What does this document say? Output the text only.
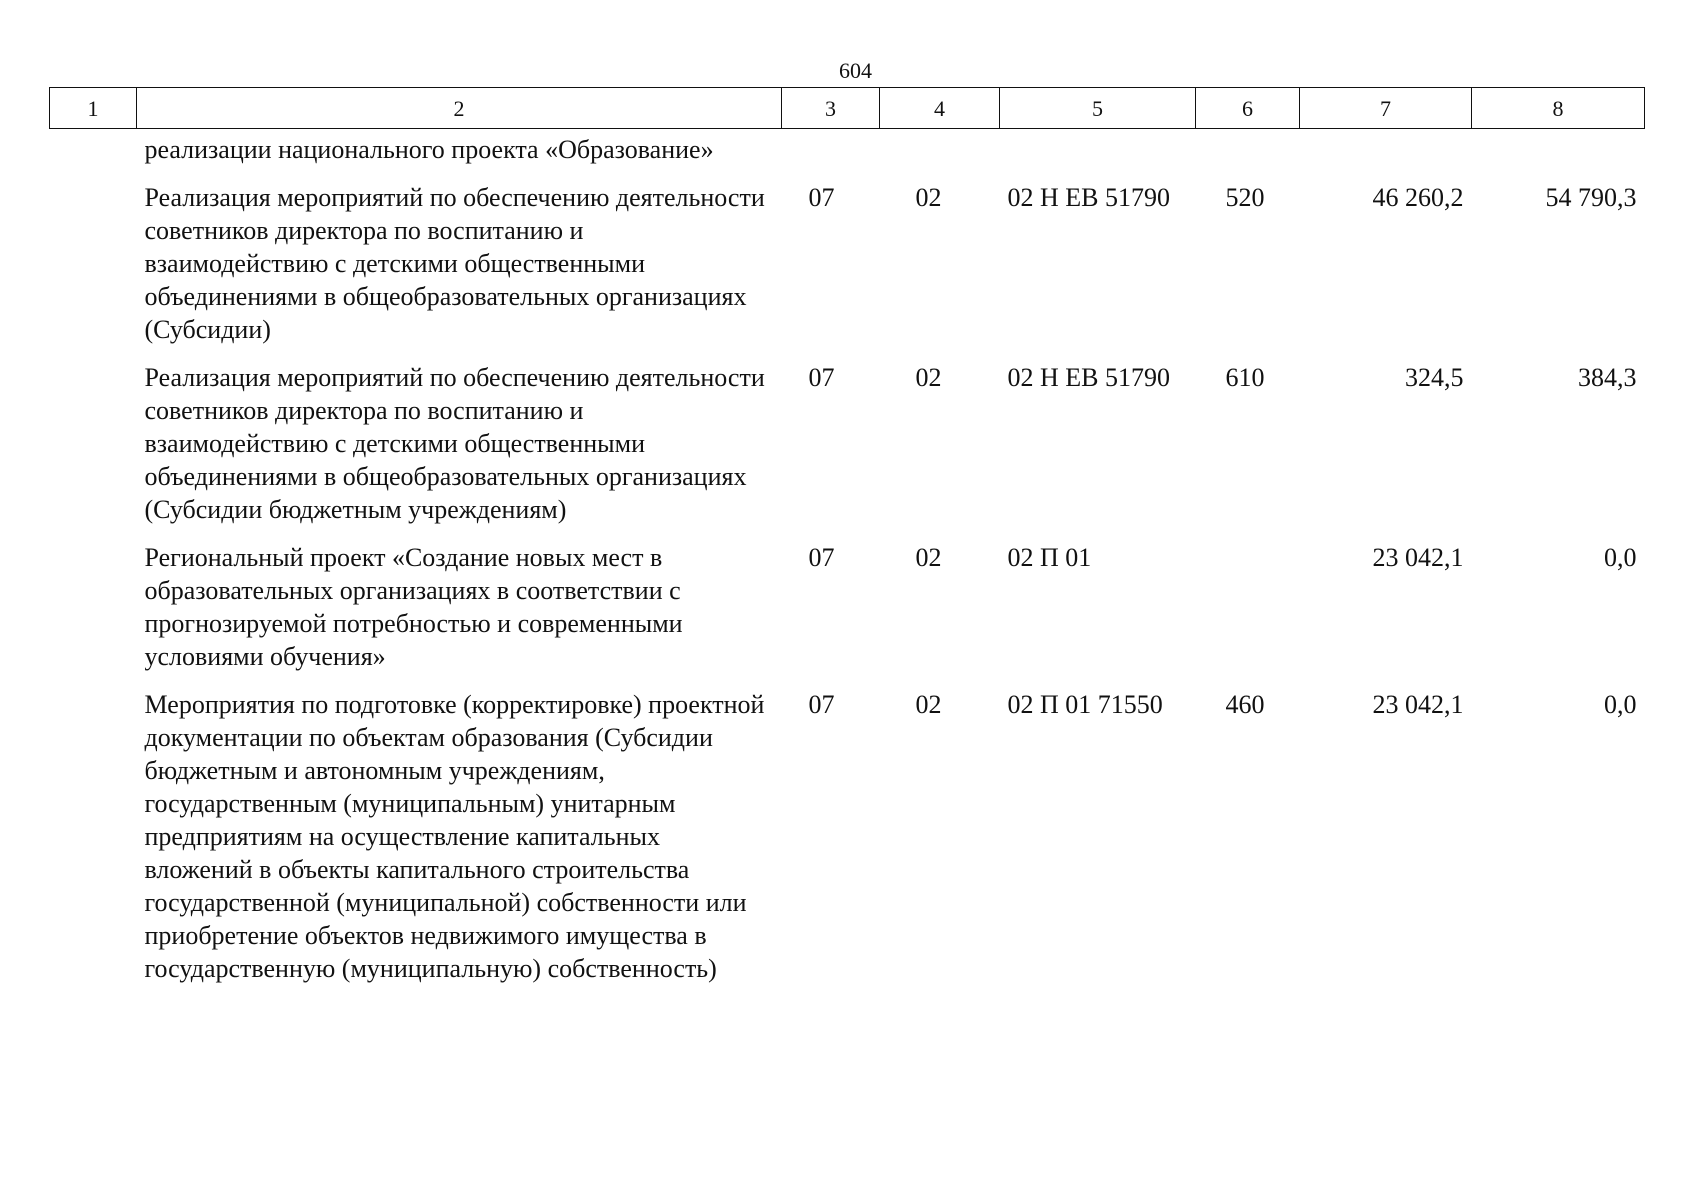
604
1	2	3	4	5	6	7	8
	реализации национального проекта «Образование»						
	Реализация мероприятий по обеспечению деятельности советников директора по воспитанию и взаимодействию с детскими общественными объединениями в общеобразовательных организациях (Субсидии)	07	02	02 Н ЕВ 51790	520	46 260,2	54 790,3
	Реализация мероприятий по обеспечению деятельности советников директора по воспитанию и взаимодействию с детскими общественными объединениями в общеобразовательных организациях (Субсидии бюджетным учреждениям)	07	02	02 Н ЕВ 51790	610	324,5	384,3
	Региональный проект «Создание новых мест в образовательных организациях в соответствии с прогнозируемой потребностью и современными условиями обучения»	07	02	02 П 01		23 042,1	0,0
	Мероприятия по подготовке (корректировке) проектной документации по объектам образования (Субсидии бюджетным и автономным учреждениям, государственным (муниципальным) унитарным предприятиям на осуществление капитальных вложений в объекты капитального строительства государственной (муниципальной) собственности или приобретение объектов недвижимого имущества в государственную (муниципальную) собственность)	07	02	02 П 01 71550	460	23 042,1	0,0
